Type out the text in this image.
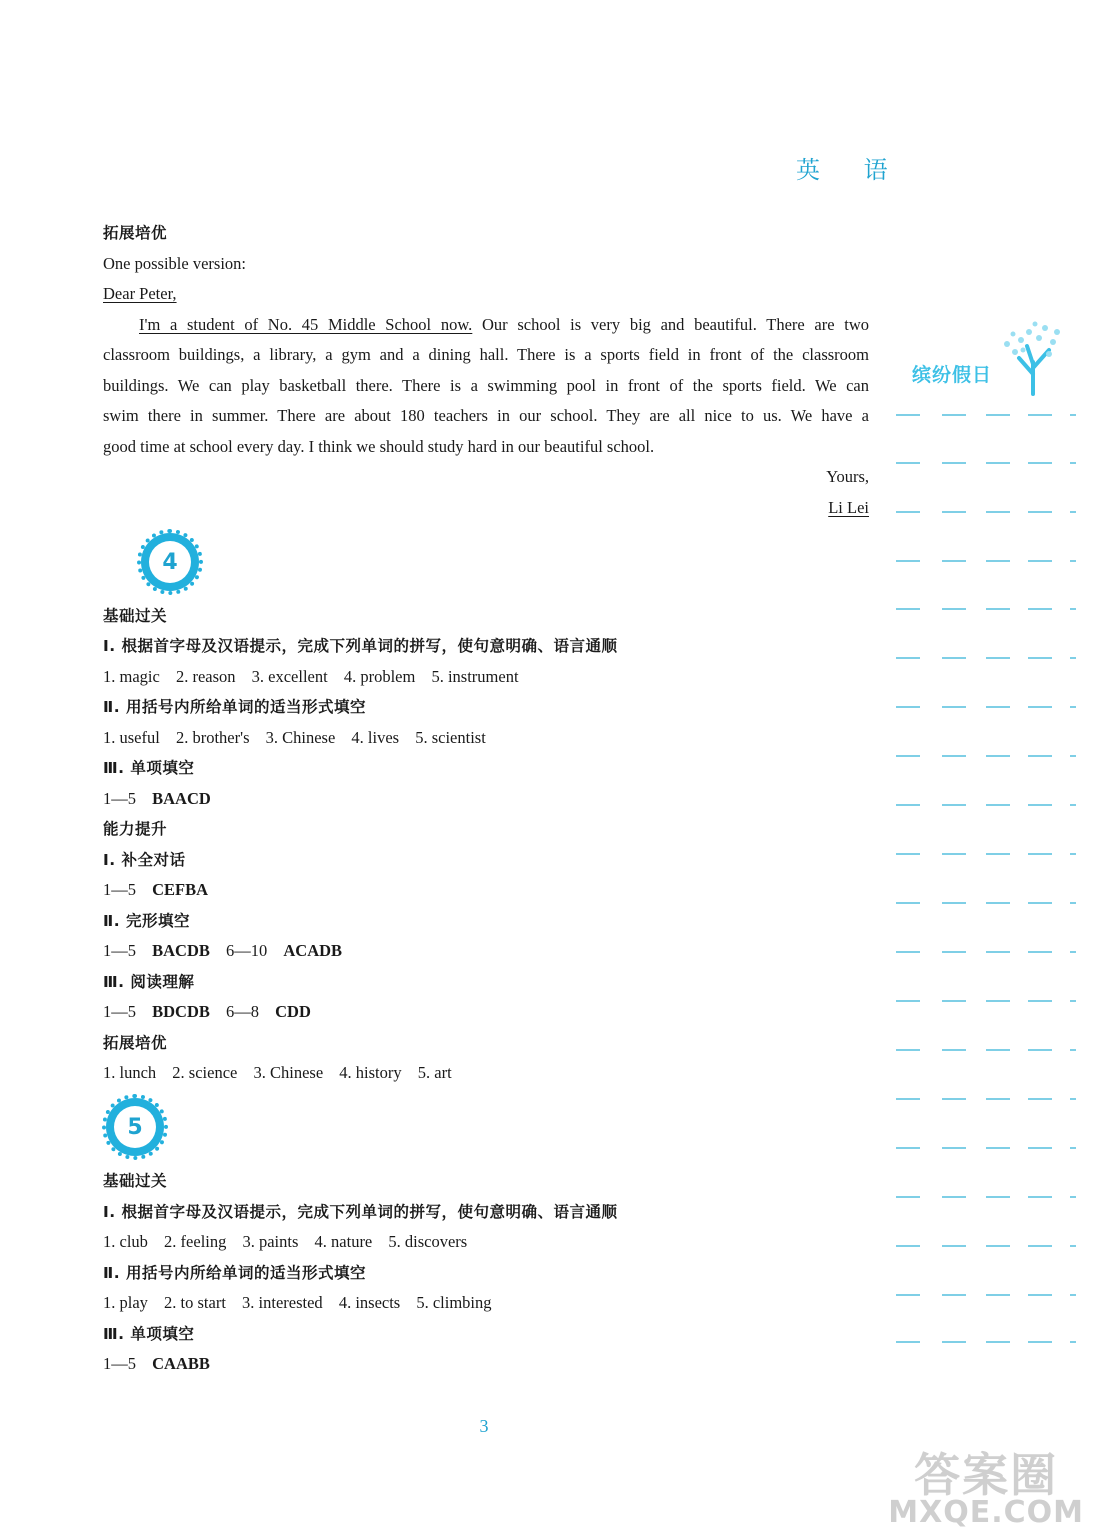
英 语
拓展培优
One possible version:
Dear Peter,
I'm a student of No. 45 Middle School now. Our school is very big and beautiful. There are two
classroom buildings, a library, a gym and a dining hall. There is a sports field in front of the classroom
buildings. We can play basketball there. There is a swimming pool in front of the sports field. We can
swim there in summer. There are about 180 teachers in our school. They are all nice to us. We have a
good time at school every day. I think we should study hard in our beautiful school.
Yours,
Li Lei
4
基础过关
Ⅰ. 根据首字母及汉语提示，完成下列单词的拼写，使句意明确、语言通顺
1. magic 2. reason 3. excellent 4. problem 5. instrument
Ⅱ. 用括号内所给单词的适当形式填空
1. useful 2. brother's 3. Chinese 4. lives 5. scientist
Ⅲ. 单项填空
1—5 BAACD
能力提升
Ⅰ. 补全对话
1—5 CEFBA
Ⅱ. 完形填空
1—5 BACDB 6—10 ACADB
Ⅲ. 阅读理解
1—5 BDCDB 6—8 CDD
拓展培优
1. lunch 2. science 3. Chinese 4. history 5. art
5
基础过关
Ⅰ. 根据首字母及汉语提示，完成下列单词的拼写，使句意明确、语言通顺
1. club 2. feeling 3. paints 4. nature 5. discovers
Ⅱ. 用括号内所给单词的适当形式填空
1. play 2. to start 3. interested 4. insects 5. climbing
Ⅲ. 单项填空
1—5 CAABB
缤纷假日
3
答案圈
MXQE.COM
